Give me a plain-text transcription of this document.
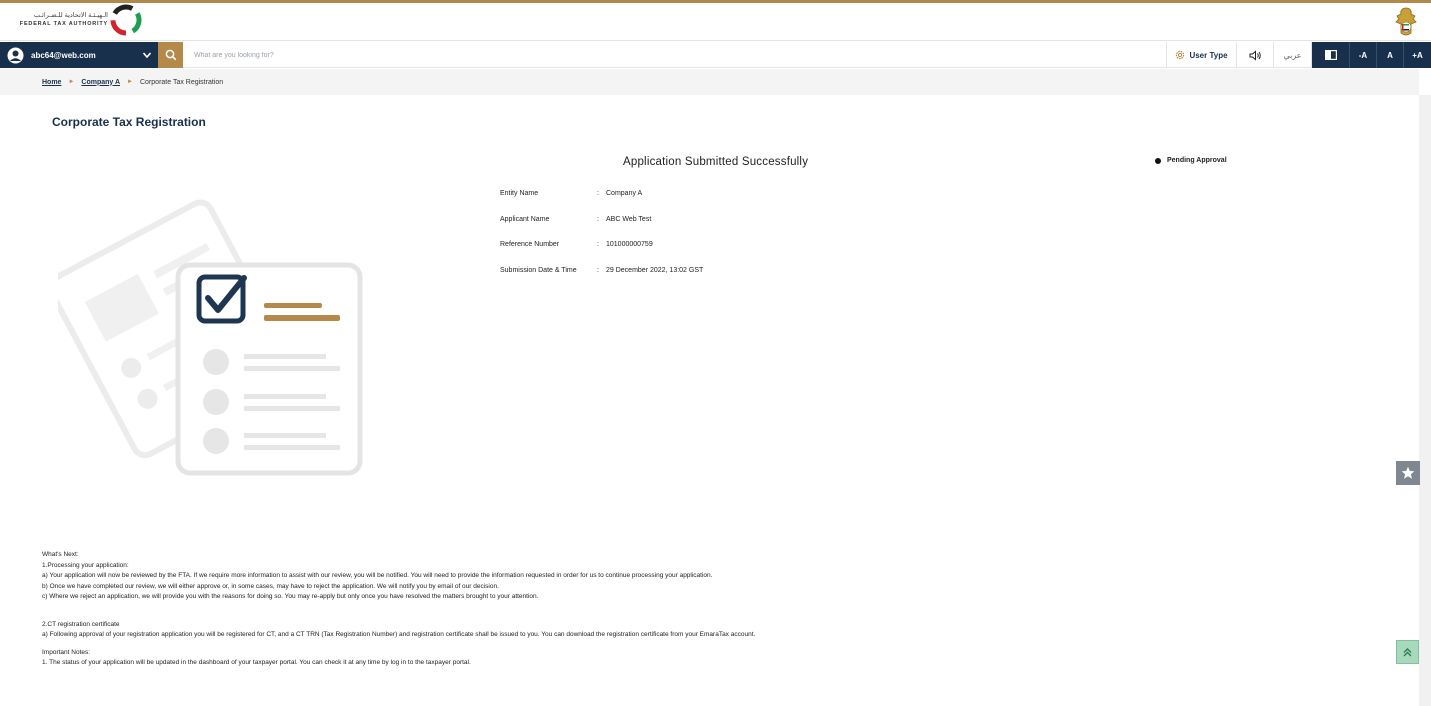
الـهيـئـة الاتحادية للـضـرائـب
FEDERAL TAX AUTHORITY
abc64@web.com
What are you looking for?	User Type	عربي	-A	A	+A
Home ► Company A ► Corporate Tax Registration
Corporate Tax Registration
Application Submitted Successfully	Pending Approval
Entity Name	:	Company A
Applicant Name	:	ABC Web Test
Reference Number	:	101000000759
Submission Date & Time	:	29 December 2022, 13:02 GST
What's Next:
1.Processing your application:
a) Your application will now be reviewed by the FTA. If we require more information to assist with our review, you will be notified. You will need to provide the information requested in order for us to continue processing your application.
b) Once we have completed our review, we will either approve or, in some cases, may have to reject the application. We will notify you by email of our decision.
c) Where we reject an application, we will provide you with the reasons for doing so. You may re-apply but only once you have resolved the matters brought to your attention.
2.CT registration certificate
a) Following approval of your registration application you will be registered for CT, and a CT TRN (Tax Registration Number) and registration certificate shall be issued to you. You can download the registration certificate from your EmaraTax account.
Important Notes:
1. The status of your application will be updated in the dashboard of your taxpayer portal. You can check it at any time by log in to the taxpayer portal.
